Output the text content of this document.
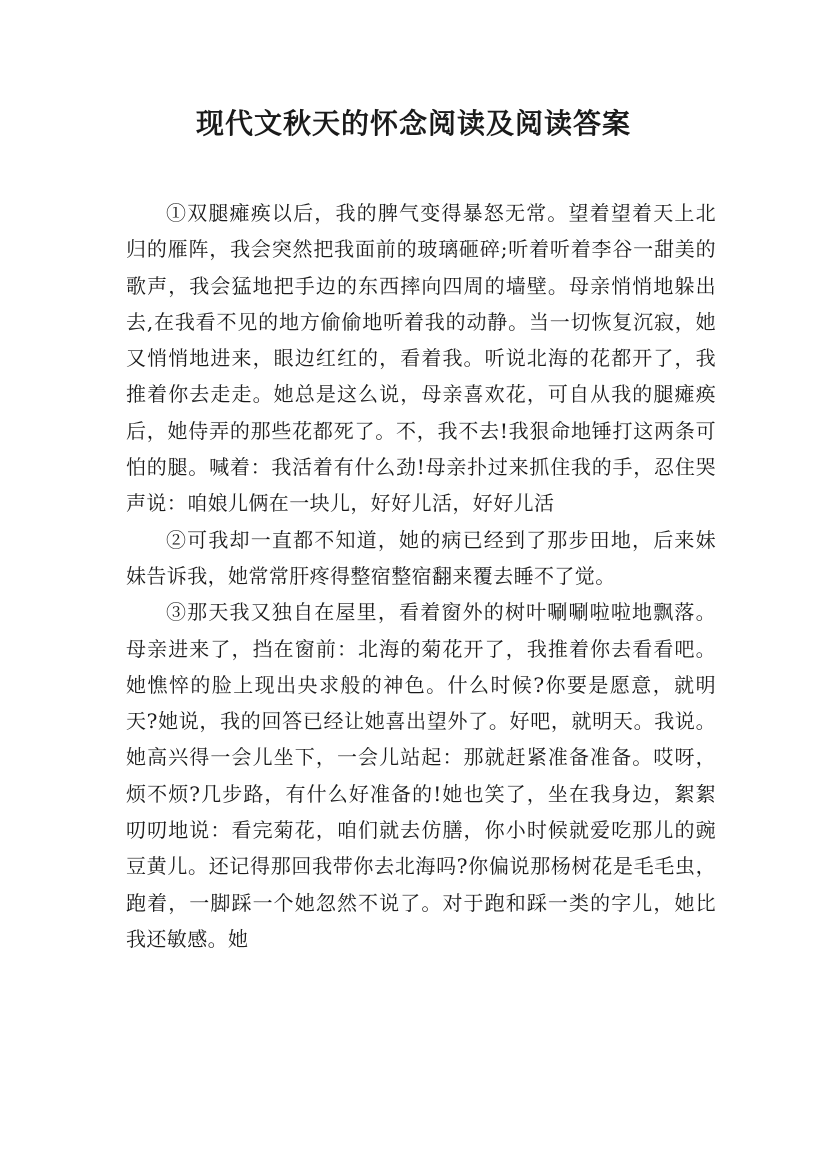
现代文秋天的怀念阅读及阅读答案

①双腿瘫痪以后，我的脾气变得暴怒无常。望着望着天上北归的雁阵，我会突然把我面前的玻璃砸碎;听着听着李谷一甜美的歌声，我会猛地把手边的东西摔向四周的墙壁。母亲悄悄地躲出去,在我看不见的地方偷偷地听着我的动静。当一切恢复沉寂，她又悄悄地进来，眼边红红的，看着我。听说北海的花都开了，我推着你去走走。她总是这么说，母亲喜欢花，可自从我的腿瘫痪后，她侍弄的那些花都死了。不，我不去!我狠命地锤打这两条可怕的腿。喊着：我活着有什么劲!母亲扑过来抓住我的手，忍住哭声说：咱娘儿俩在一块儿，好好儿活，好好儿活

②可我却一直都不知道，她的病已经到了那步田地，后来妹妹告诉我，她常常肝疼得整宿整宿翻来覆去睡不了觉。

③那天我又独自在屋里，看着窗外的树叶唰唰啦啦地飘落。母亲进来了，挡在窗前：北海的菊花开了，我推着你去看看吧。她憔悴的脸上现出央求般的神色。什么时候?你要是愿意，就明天?她说，我的回答已经让她喜出望外了。好吧，就明天。我说。她高兴得一会儿坐下，一会儿站起：那就赶紧准备准备。哎呀，烦不烦?几步路，有什么好准备的!她也笑了，坐在我身边，絮絮叨叨地说：看完菊花，咱们就去仿膳，你小时候就爱吃那儿的豌豆黄儿。还记得那回我带你去北海吗?你偏说那杨树花是毛毛虫，跑着，一脚踩一个她忽然不说了。对于跑和踩一类的字儿，她比我还敏感。她
